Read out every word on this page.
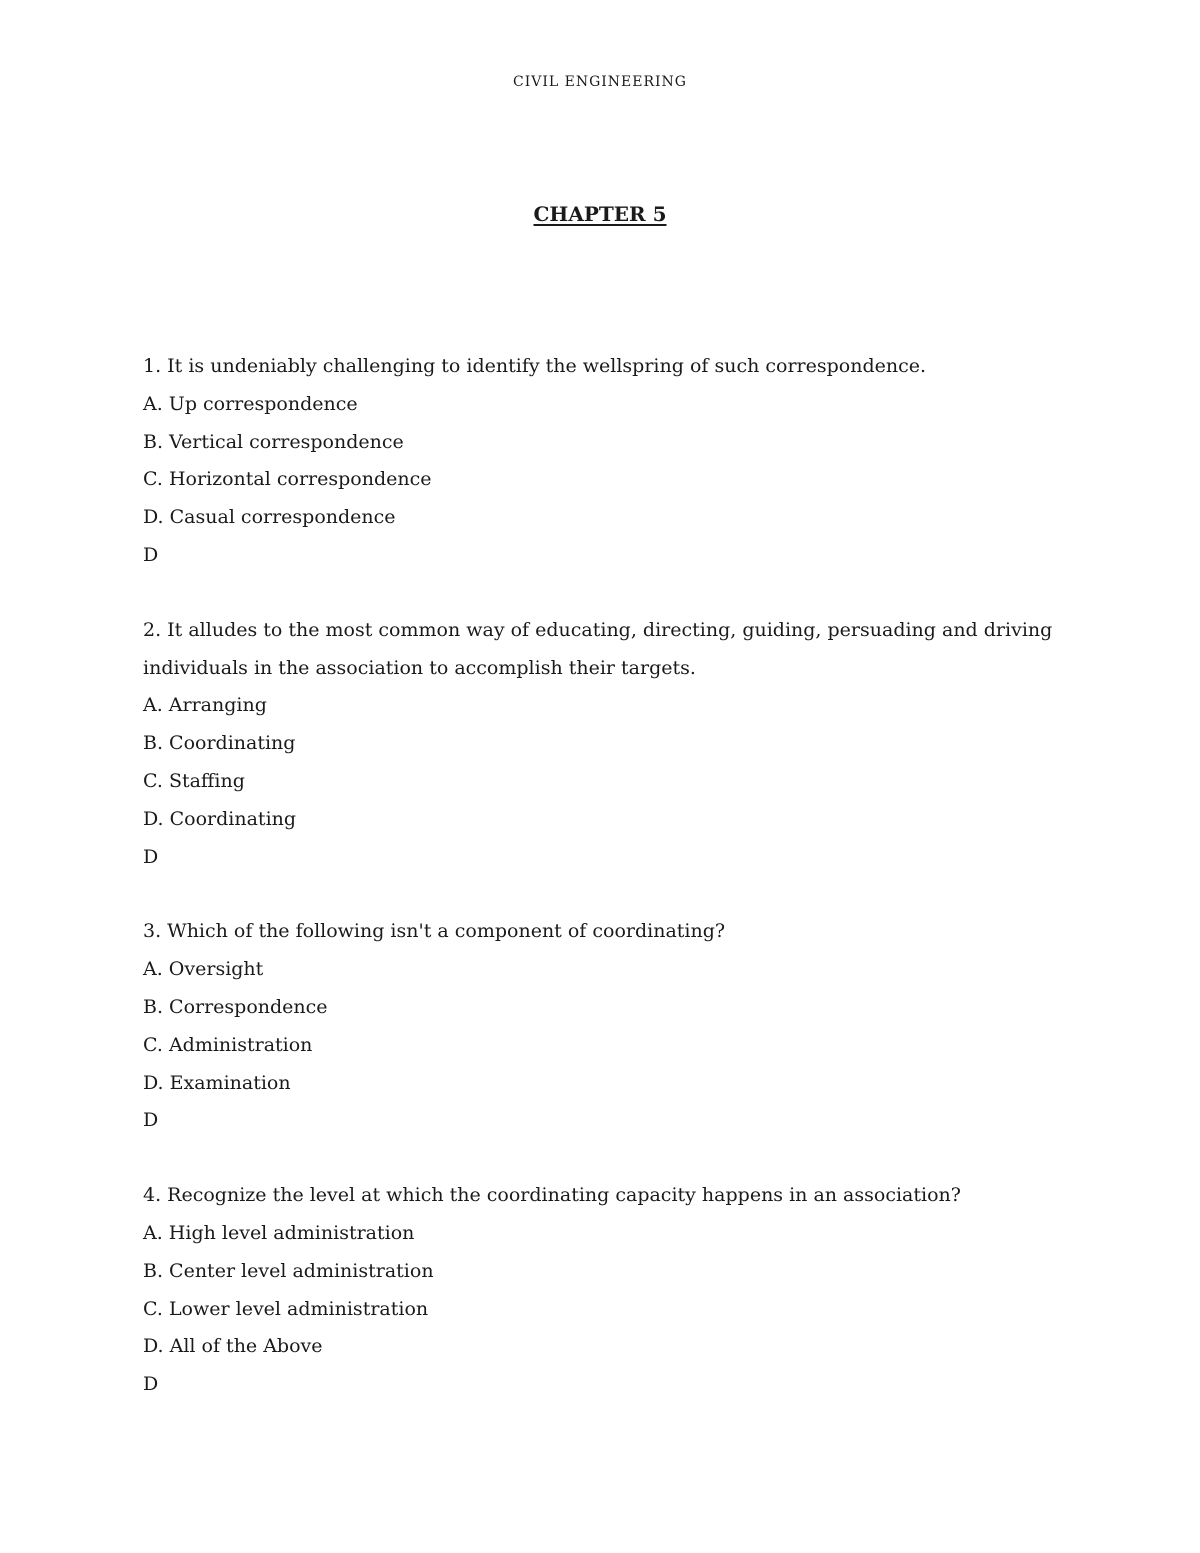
CIVIL ENGINEERING
CHAPTER 5
1. It is undeniably challenging to identify the wellspring of such correspondence.
A. Up correspondence
B. Vertical correspondence
C. Horizontal correspondence
D. Casual correspondence
D
2. It alludes to the most common way of educating, directing, guiding, persuading and driving individuals in the association to accomplish their targets.
A. Arranging
B. Coordinating
C. Staffing
D. Coordinating
D
3. Which of the following isn't a component of coordinating?
A. Oversight
B. Correspondence
C. Administration
D. Examination
D
4. Recognize the level at which the coordinating capacity happens in an association?
A. High level administration
B. Center level administration
C. Lower level administration
D. All of the Above
D
